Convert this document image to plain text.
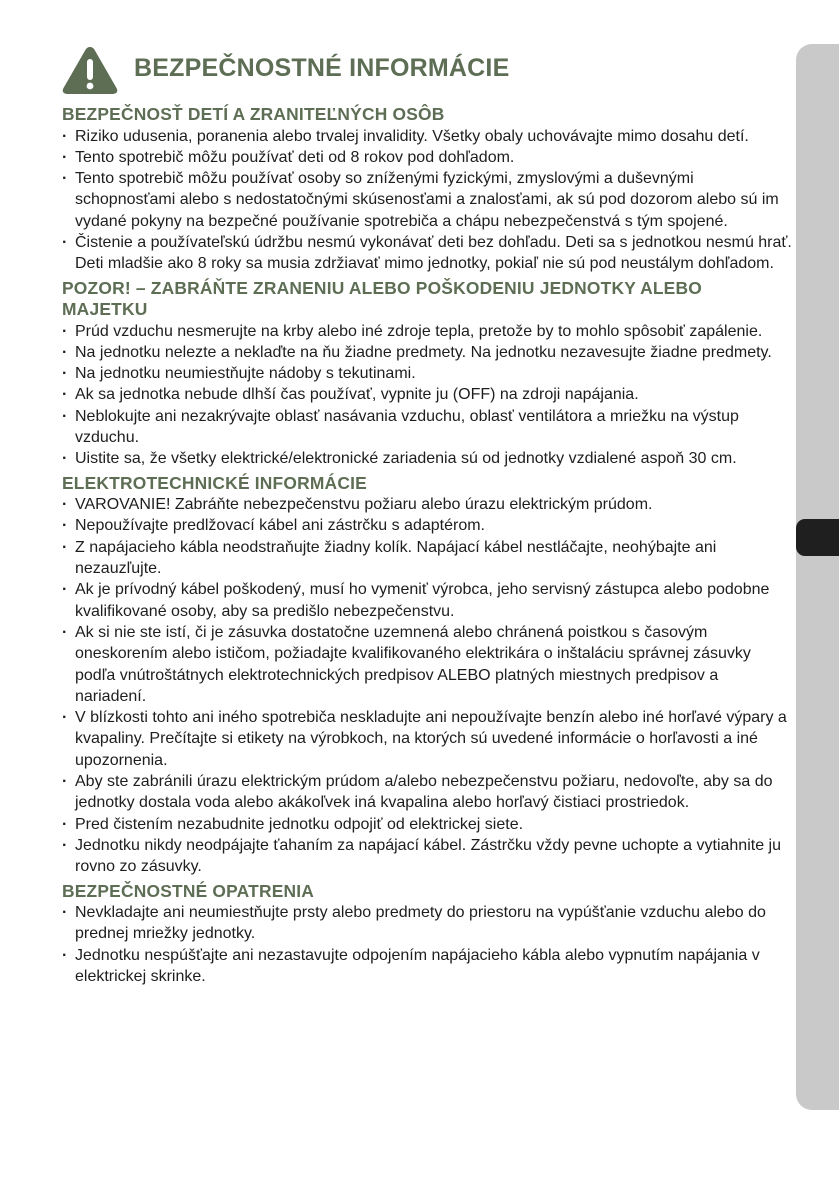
BEZPEČNOSTNÉ INFORMÁCIE
BEZPEČNOSŤ DETÍ A ZRANITEĽNÝCH OSÔB
· Riziko udusenia, poranenia alebo trvalej invalidity. Všetky obaly uchovávajte mimo dosahu detí.
· Tento spotrebič môžu používať deti od 8 rokov pod dohľadom.
· Tento spotrebič môžu používať osoby so zníženými fyzickými, zmyslovými a duševnými schopnosťami alebo s nedostatočnými skúsenosťami a znalosťami, ak sú pod dozorom alebo sú im vydané pokyny na bezpečné používanie spotrebiča a chápu nebezpečenstvá s tým spojené.
· Čistenie a používateľskú údržbu nesmú vykonávať deti bez dohľadu. Deti sa s jednotkou nesmú hrať. Deti mladšie ako 8 roky sa musia zdržiavať mimo jednotky, pokiaľ nie sú pod neustálym dohľadom.
POZOR! – ZABRÁŇTE ZRANENIU ALEBO POŠKODENIU JEDNOTKY ALEBO MAJETKU
· Prúd vzduchu nesmerujte na krby alebo iné zdroje tepla, pretože by to mohlo spôsobiť zapálenie.
· Na jednotku nelezte a neklaďte na ňu žiadne predmety. Na jednotku nezavesujte žiadne predmety.
· Na jednotku neumiestňujte nádoby s tekutinami.
· Ak sa jednotka nebude dlhší čas používať, vypnite ju (OFF) na zdroji napájania.
· Neblokujte ani nezakrývajte oblasť nasávania vzduchu, oblasť ventilátora a mriežku na výstup vzduchu.
· Uistite sa, že všetky elektrické/elektronické zariadenia sú od jednotky vzdialené aspoň 30 cm.
ELEKTROTECHNICKÉ INFORMÁCIE
· VAROVANIE! Zabráňte nebezpečenstvu požiaru alebo úrazu elektrickým prúdom.
· Nepoužívajte predlžovací kábel ani zástrčku s adaptérom.
· Z napájacieho kábla neodstraňujte žiadny kolík. Napájací kábel nestláčajte, neohýbajte ani nezauzľujte.
· Ak je prívodný kábel poškodený, musí ho vymeniť výrobca, jeho servisný zástupca alebo podobne kvalifikované osoby, aby sa predišlo nebezpečenstvu.
· Ak si nie ste istí, či je zásuvka dostatočne uzemnená alebo chránená poistkou s časovým oneskorením alebo ističom, požiadajte kvalifikovaného elektrikára o inštaláciu správnej zásuvky podľa vnútroštátnych elektrotechnických predpisov ALEBO platných miestnych predpisov a nariadení.
· V blízkosti tohto ani iného spotrebiča neskladujte ani nepoužívajte benzín alebo iné horľavé výpary a kvapaliny. Prečítajte si etikety na výrobkoch, na ktorých sú uvedené informácie o horľavosti a iné upozornenia.
· Aby ste zabránili úrazu elektrickým prúdom a/alebo nebezpečenstvu požiaru, nedovoľte, aby sa do jednotky dostala voda alebo akákoľvek iná kvapalina alebo horľavý čistiaci prostriedok.
· Pred čistením nezabudnite jednotku odpojiť od elektrickej siete.
· Jednotku nikdy neodpájajte ťahaním za napájací kábel. Zástrčku vždy pevne uchopte a vytiahnite ju rovno zo zásuvky.
BEZPEČNOSTNÉ OPATRENIA
· Nevkladajte ani neumiestňujte prsty alebo predmety do priestoru na vypúšťanie vzduchu alebo do prednej mriežky jednotky.
· Jednotku nespúšťajte ani nezastavujte odpojením napájacieho kábla alebo vypnutím napájania v elektrickej skrinke.
